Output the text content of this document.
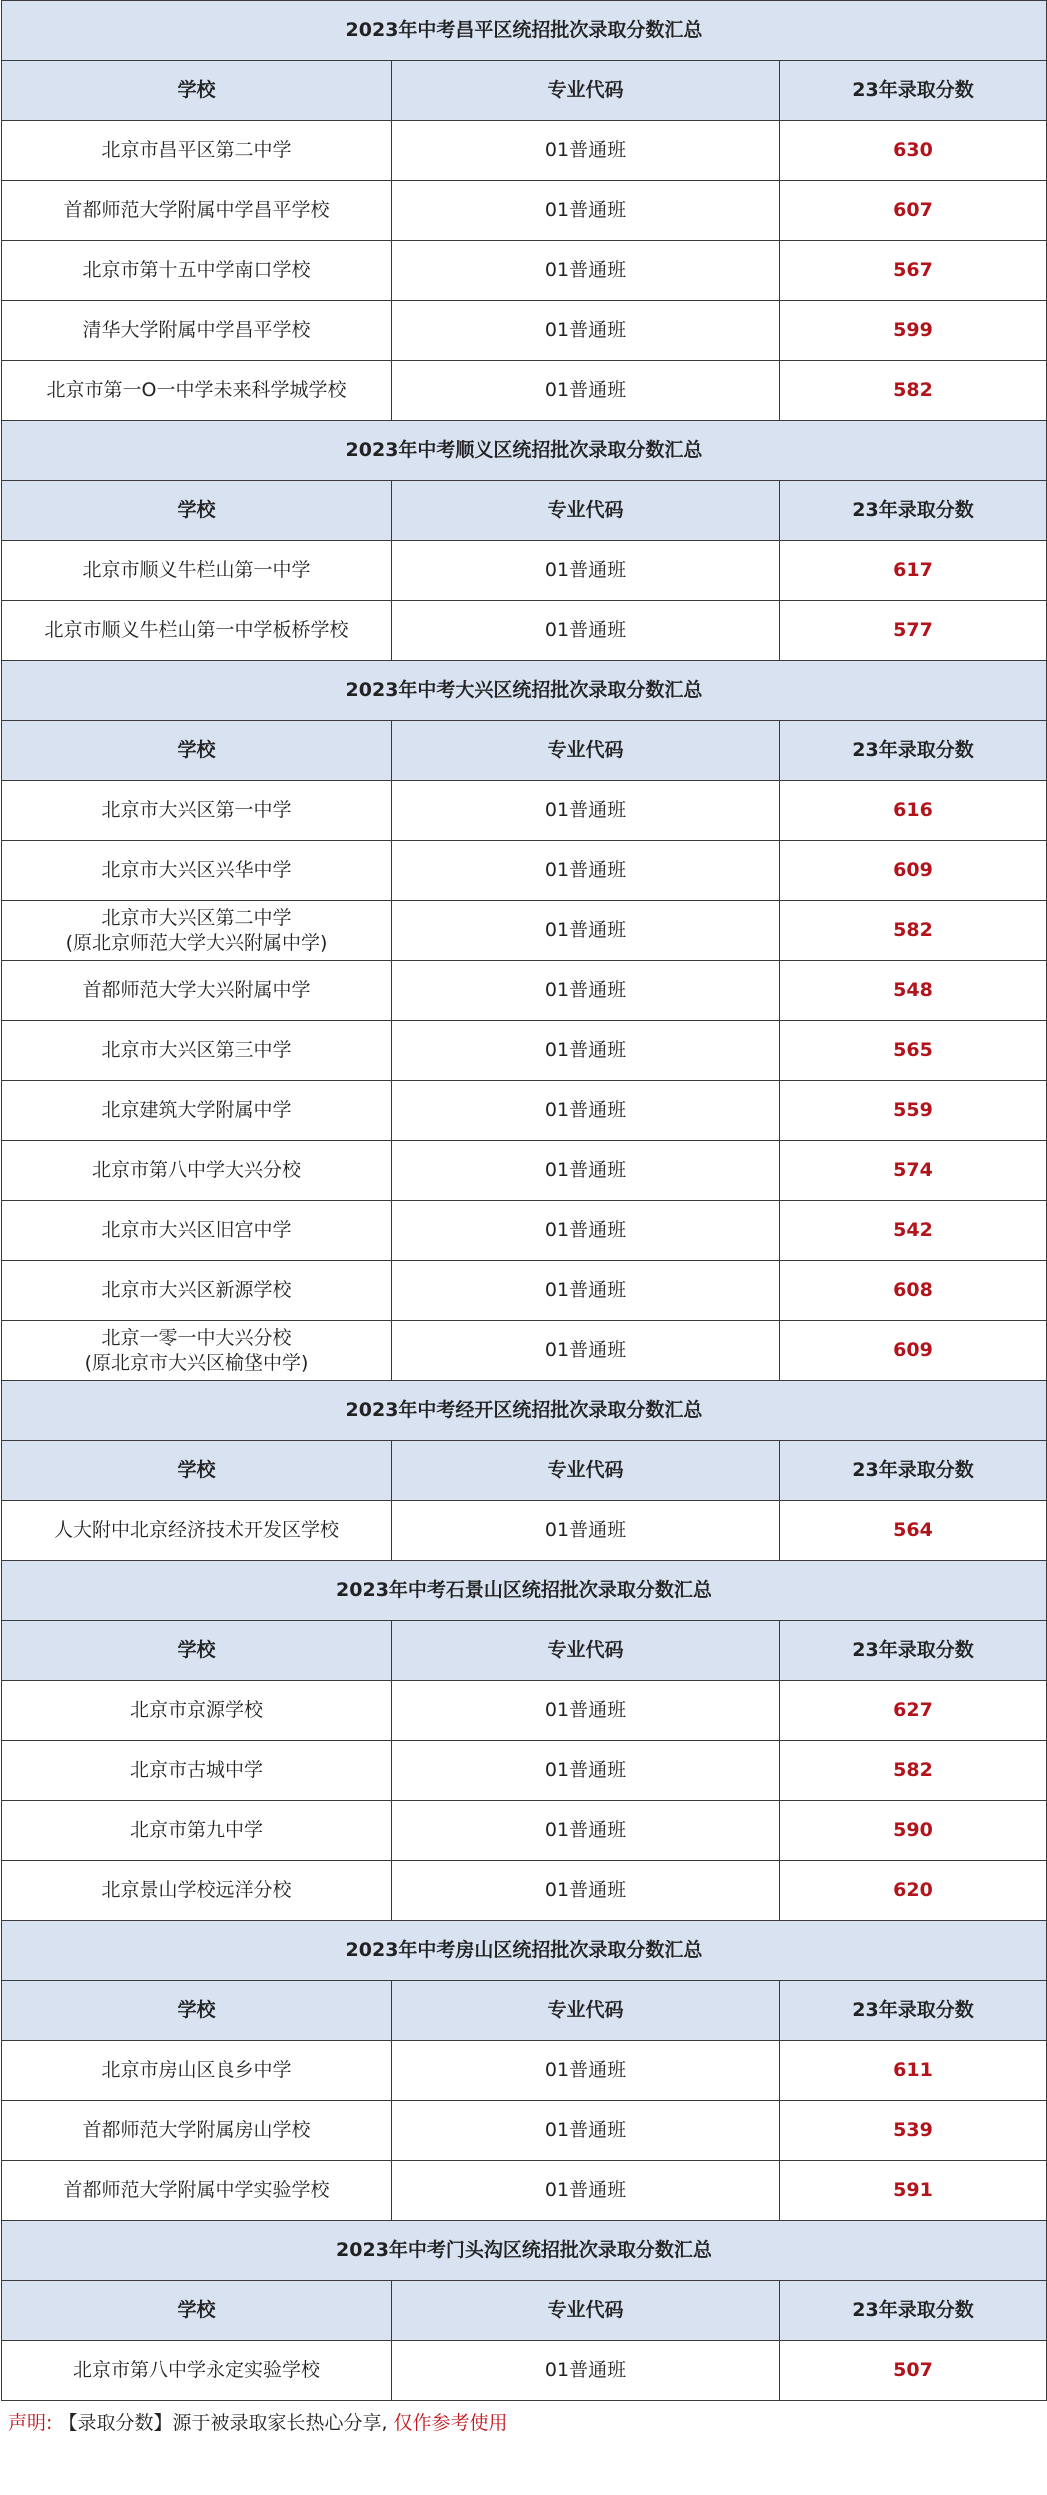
2023年中考昌平区统招批次录取分数汇总		
学校	专业代码	23年录取分数

北京市昌平区第二中学	01普通班	630

首都师范大学附属中学昌平学校	01普通班	607

北京市第十五中学南口学校	01普通班	567

清华大学附属中学昌平学校	01普通班	599

北京市第一O一中学未来科学城学校	01普通班	582
2023年中考顺义区统招批次录取分数汇总		
学校	专业代码	23年录取分数

北京市顺义牛栏山第一中学	01普通班	617

北京市顺义牛栏山第一中学板桥学校	01普通班	577
2023年中考大兴区统招批次录取分数汇总		
学校	专业代码	23年录取分数

北京市大兴区第一中学	01普通班	616

北京市大兴区兴华中学	01普通班	609

北京市大兴区第二中学
(原北京师范大学大兴附属中学)	01普通班	582

首都师范大学大兴附属中学	01普通班	548

北京市大兴区第三中学	01普通班	565

北京建筑大学附属中学	01普通班	559

北京市第八中学大兴分校	01普通班	574

北京市大兴区旧宫中学	01普通班	542

北京市大兴区新源学校	01普通班	608

北京一零一中大兴分校
(原北京市大兴区榆垡中学)	01普通班	609
2023年中考经开区统招批次录取分数汇总		
学校	专业代码	23年录取分数

人大附中北京经济技术开发区学校	01普通班	564
2023年中考石景山区统招批次录取分数汇总		
学校	专业代码	23年录取分数

北京市京源学校	01普通班	627

北京市古城中学	01普通班	582

北京市第九中学	01普通班	590

北京景山学校远洋分校	01普通班	620
2023年中考房山区统招批次录取分数汇总		
学校	专业代码	23年录取分数

北京市房山区良乡中学	01普通班	611

首都师范大学附属房山学校	01普通班	539

首都师范大学附属中学实验学校	01普通班	591
2023年中考门头沟区统招批次录取分数汇总		
学校	专业代码	23年录取分数

北京市第八中学永定实验学校	01普通班	507
声明: 【录取分数】源于被录取家长热心分享, 仅作参考使用
